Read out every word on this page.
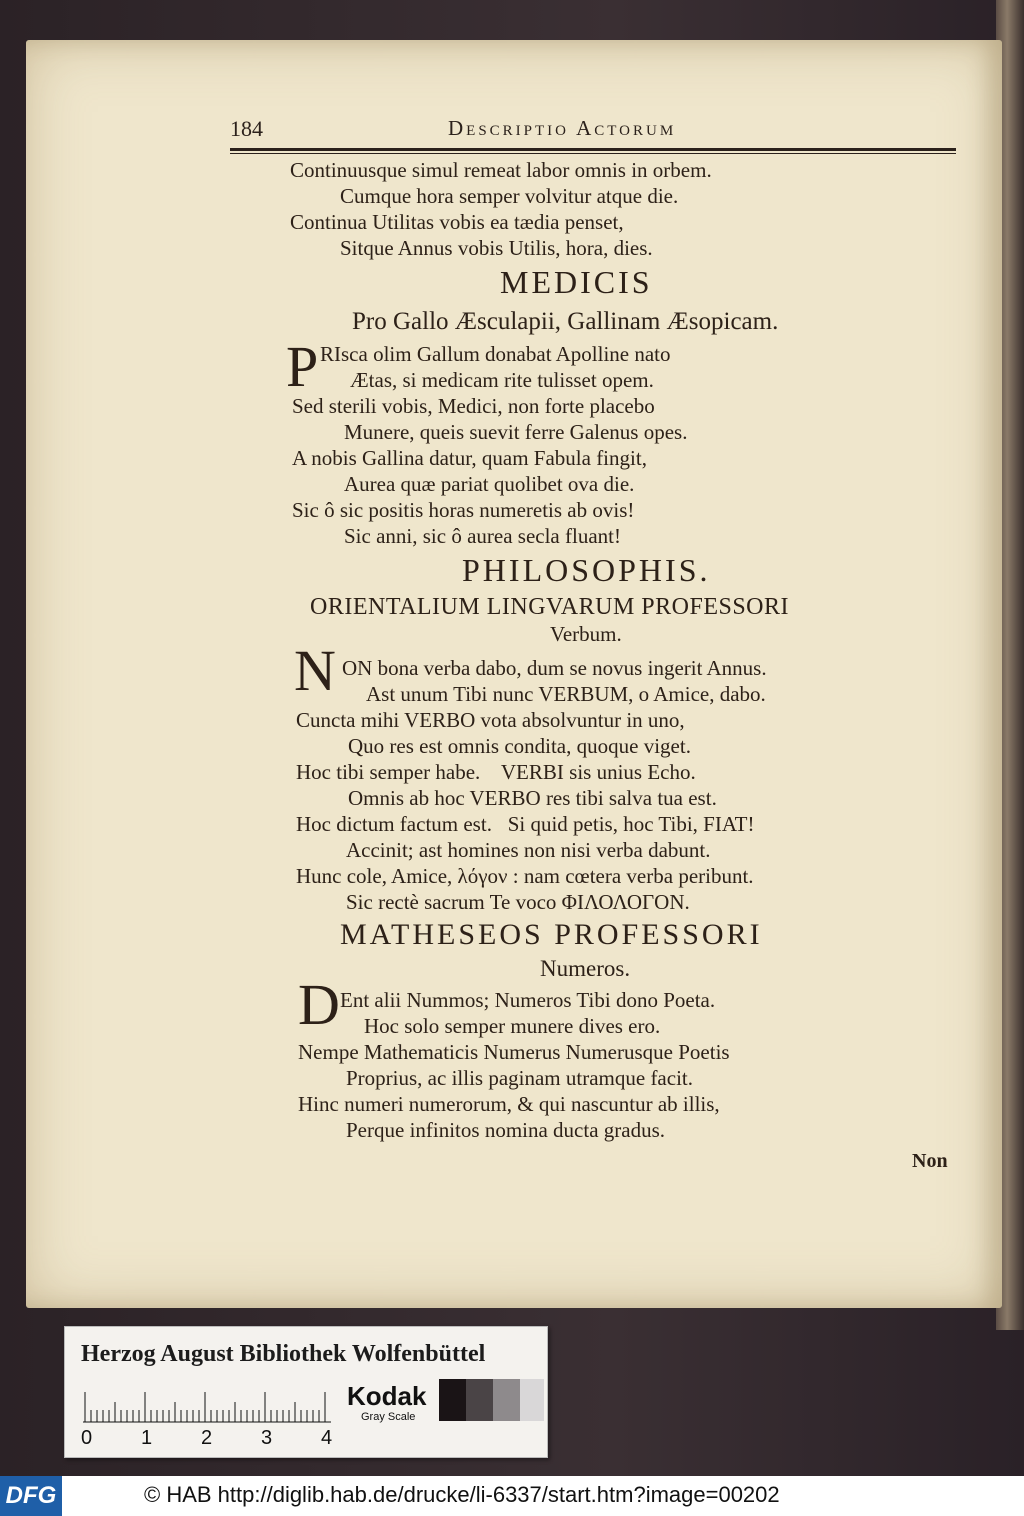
184	Descriptio Actorum
Continuusque simul remeat labor omnis in orbem.
Cumque hora semper volvitur atque die.
Continua Utilitas vobis ea tædia penset,
Sitque Annus vobis Utilis, hora, dies.
MEDICIS
Pro Gallo Æsculapii, Gallinam Æsopicam.
P RIsca olim Gallum donabat Apolline nato
Ætas, si medicam rite tulisset opem.
Sed sterili vobis, Medici, non forte placebo
Munere, queis suevit ferre Galenus opes.
A nobis Gallina datur, quam Fabula fingit,
Aurea quæ pariat quolibet ova die.
Sic ô sic positis horas numeretis ab ovis!
Sic anni, sic ô aurea secla fluant!
PHILOSOPHIS.
ORIENTALIUM LINGVARUM PROFESSORI
Verbum.
N ON bona verba dabo, dum se novus ingerit Annus.
Ast unum Tibi nunc VERBUM, o Amice, dabo.
Cuncta mihi VERBO vota absolvuntur in uno,
Quo res est omnis condita, quoque viget.
Hoc tibi semper habe.    VERBI sis unius Echo.
Omnis ab hoc VERBO res tibi salva tua est.
Hoc dictum factum est.   Si quid petis, hoc Tibi, FIAT!
Accinit; ast homines non nisi verba dabunt.
Hunc cole, Amice, λόγον : nam cœtera verba peribunt.
Sic rectè sacrum Te voco ΦΙΛΟΛΟΓΟΝ.
MATHESEOS PROFESSORI
Numeros.
D Ent alii Nummos; Numeros Tibi dono Poeta.
Hoc solo semper munere dives ero.
Nempe Mathematicis Numerus Numerusque Poetis
Proprius, ac illis paginam utramque facit.
Hinc numeri numerorum, & qui nascuntur ab illis,
Perque infinitos nomina ducta gradus.
Non
Herzog August Bibliothek Wolfenbüttel
0 1 2 3 4
Kodak
Gray Scale
DFG	© HAB http://diglib.hab.de/drucke/li-6337/start.htm?image=00202
